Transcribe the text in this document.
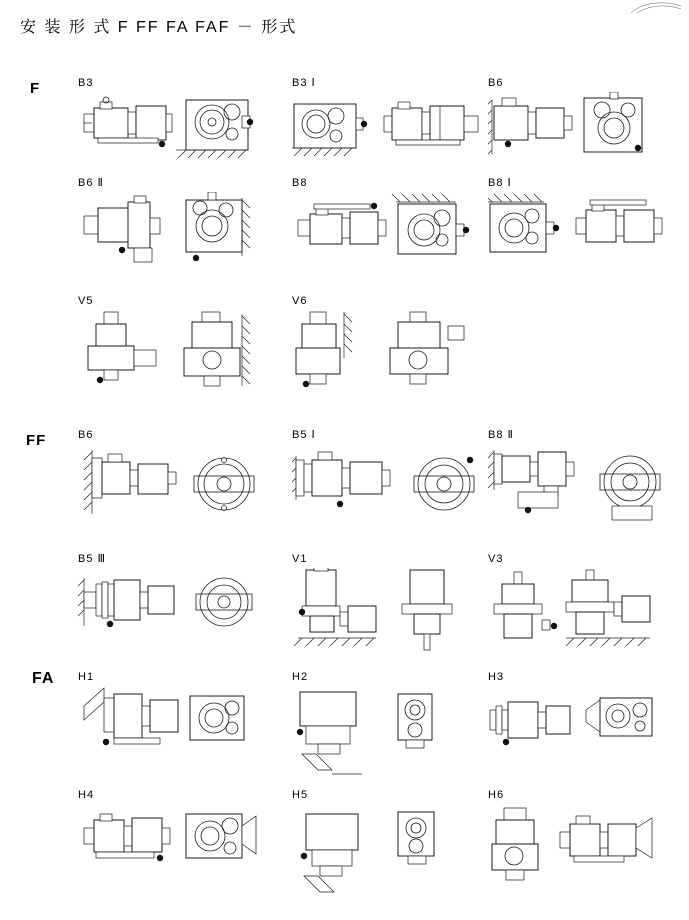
安 装 形 式 F FF FA FAF － 形式
F	B3	B3 Ⅰ	B6
B6 Ⅱ	B8	B8 Ⅰ
V5	V6
FF	B6	B5 Ⅰ	B8 Ⅱ
B5 Ⅲ	V1	V3
FA H1	H2	H3
H4	H5	H6
